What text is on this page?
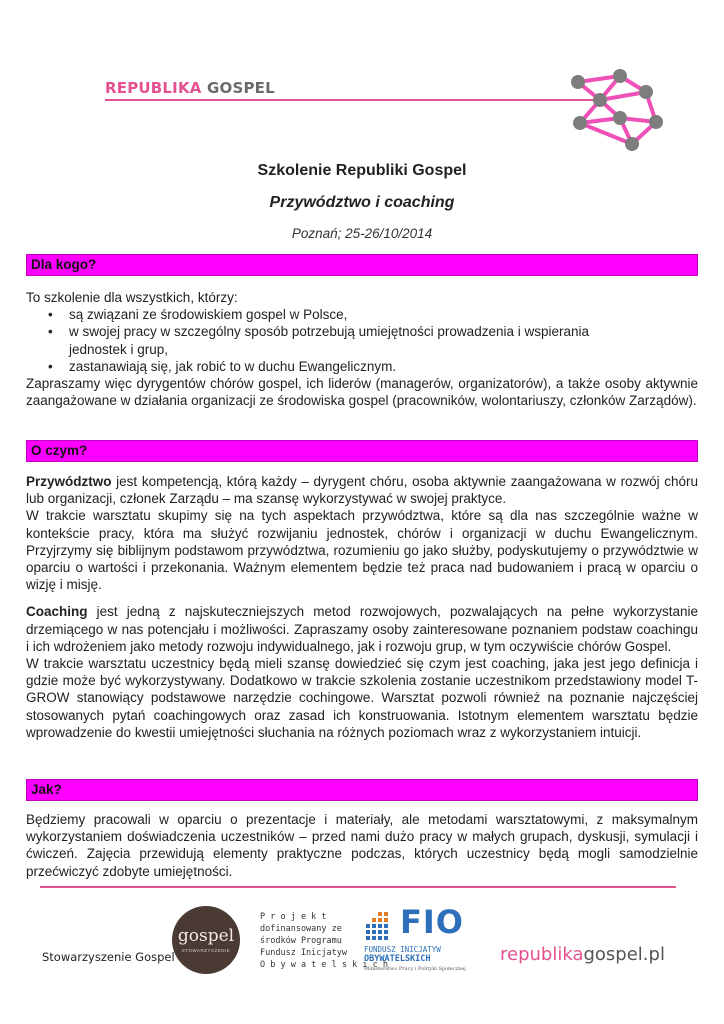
REPUBLIKA GOSPEL
Szkolenie Republiki Gospel
Przywództwo i coaching
Poznań; 25-26/10/2014
Dla kogo?

To szkolenie dla wszystkich, którzy:

• są związani ze środowiskiem gospel w Polsce,
• w swojej pracy w szczególny sposób potrzebują umiejętności prowadzenia i wspierania jednostek i grup,
• zastanawiają się, jak robić to w duchu Ewangelicznym.

Zapraszamy więc dyrygentów chórów gospel, ich liderów (managerów, organizatorów), a także osoby aktywnie zaangażowane w działania organizacji ze środowiska gospel (pracowników, wolontariuszy, członków Zarządów).

O czym?

Przywództwo jest kompetencją, którą każdy – dyrygent chóru, osoba aktywnie zaangażowana w rozwój chóru lub organizacji, członek Zarządu – ma szansę wykorzystywać w swojej praktyce.

W trakcie warsztatu skupimy się na tych aspektach przywództwa, które są dla nas szczególnie ważne w kontekście pracy, która ma służyć rozwijaniu jednostek, chórów i organizacji w duchu Ewangelicznym. Przyjrzymy się biblijnym podstawom przywództwa, rozumieniu go jako służby, podyskutujemy o przywództwie w oparciu o wartości i przekonania. Ważnym elementem będzie też praca nad budowaniem i pracą w oparciu o wizję i misję.

Coaching jest jedną z najskuteczniejszych metod rozwojowych, pozwalających na pełne wykorzystanie drzemiącego w nas potencjału i możliwości. Zapraszamy osoby zainteresowane poznaniem podstaw coachingu i ich wdrożeniem jako metody rozwoju indywidualnego, jak i rozwoju grup, w tym oczywiście chórów Gospel.

W trakcie warsztatu uczestnicy będą mieli szansę dowiedzieć się czym jest coaching, jaka jest jego definicja i gdzie może być wykorzystywany. Dodatkowo w trakcie szkolenia zostanie uczestnikom przedstawiony model T-GROW stanowiący podstawowe narzędzie cochingowe. Warsztat pozwoli również na poznanie najczęściej stosowanych pytań coachingowych oraz zasad ich konstruowania. Istotnym elementem warsztatu będzie wprowadzenie do kwestii umiejętności słuchania na różnych poziomach wraz z wykorzystaniem intuicji.

Jak?

Będziemy pracowali w oparciu o prezentacje i materiały, ale metodami warsztatowymi, z maksymalnym wykorzystaniem doświadczenia uczestników – przed nami dużo pracy w małych grupach, dyskusji, symulacji i ćwiczeń. Zajęcia przewidują elementy praktyczne podczas, których uczestnicy będą mogli samodzielnie przećwiczyć zdobyte umiejętności.

Stowarzyszenie Gospel
gospel
STOWARZYSZENIE
P r o j e k t
dofinansowany ze
środków Programu
Fundusz Inicjatyw
O b y w a t e l s k i c h
FIO
FUNDUSZ INICJATYW
OBYWATELSKICH
Ministerstwo Pracy i Polityki Społecznej
republikagospel.pl
